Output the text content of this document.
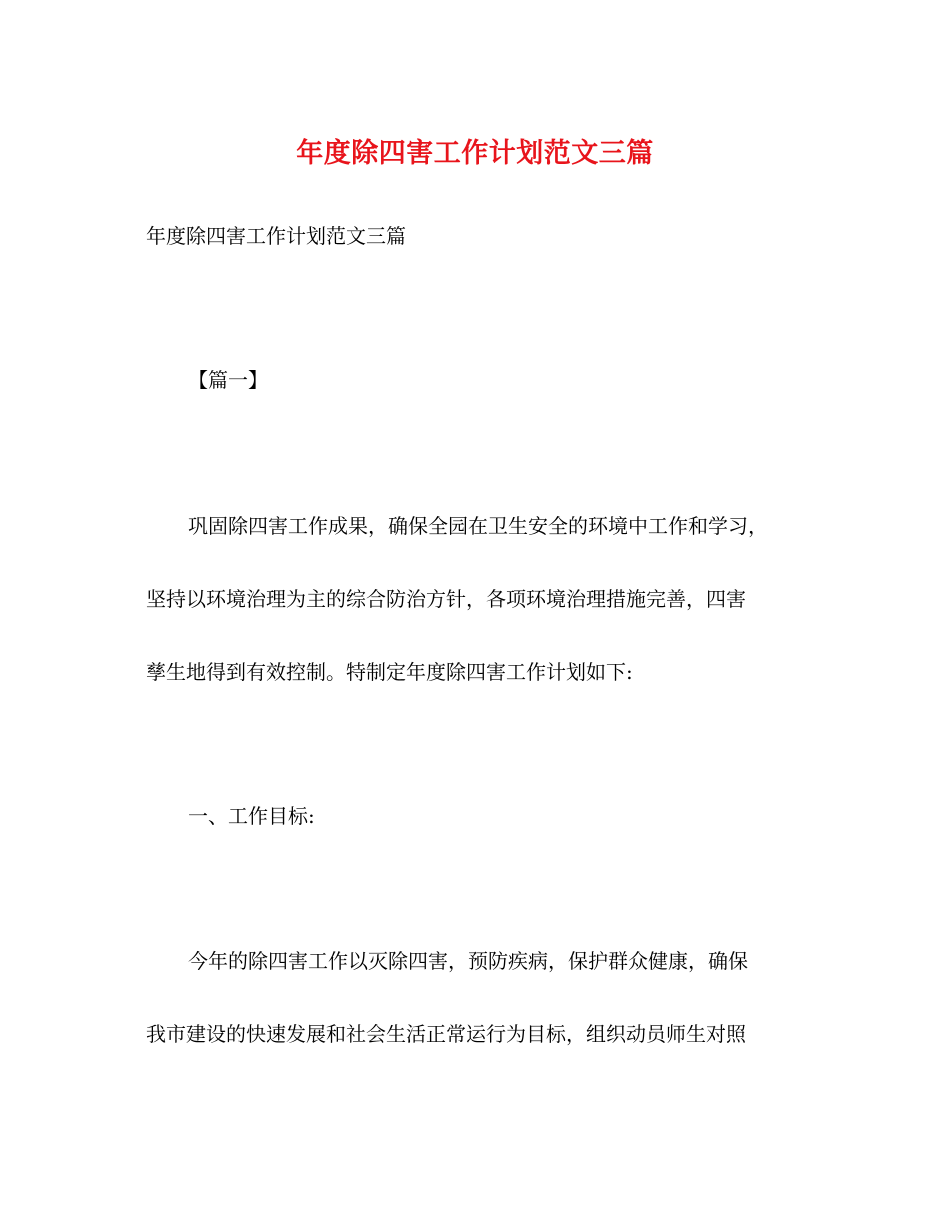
年度除四害工作计划范文三篇
年度除四害工作计划范文三篇
【篇一】
巩固除四害工作成果，确保全园在卫生安全的环境中工作和学习，
坚持以环境治理为主的综合防治方针，各项环境治理措施完善，四害
孳生地得到有效控制。特制定年度除四害工作计划如下:
一、工作目标:
今年的除四害工作以灭除四害，预防疾病，保护群众健康，确保
我市建设的快速发展和社会生活正常运行为目标，组织动员师生对照
